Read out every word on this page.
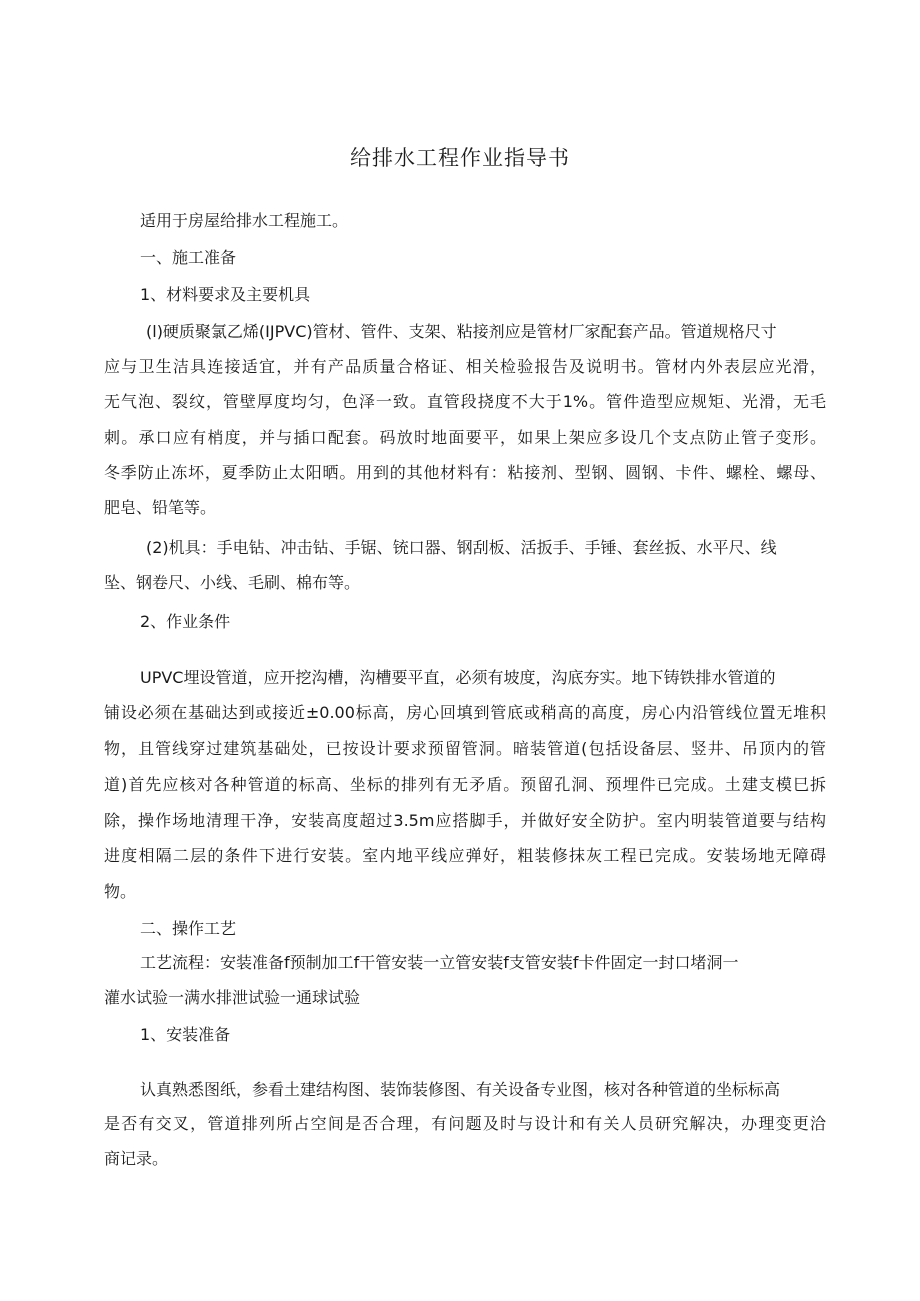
给排水工程作业指导书
适用于房屋给排水工程施工。
一、施工准备
1、材料要求及主要机具
(l)硬质聚氯乙烯(IJPVC)管材、管件、支架、粘接剂应是管材厂家配套产品。管道规格尺寸
应与卫生洁具连接适宜，并有产品质量合格证、相关检验报告及说明书。管材内外表层应光滑，
无气泡、裂纹，管壁厚度均匀，色泽一致。直管段挠度不大于1%。管件造型应规矩、光滑，无毛
刺。承口应有梢度，并与插口配套。码放时地面要平，如果上架应多设几个支点防止管子变形。
冬季防止冻坏，夏季防止太阳晒。用到的其他材料有：粘接剂、型钢、圆钢、卡件、螺栓、螺母、
肥皂、铅笔等。
(2)机具：手电钻、冲击钻、手锯、铳口器、钢刮板、活扳手、手锤、套丝扳、水平尺、线
坠、钢卷尺、小线、毛刷、棉布等。
2、作业条件
UPVC埋设管道，应开挖沟槽，沟槽要平直，必须有坡度，沟底夯实。地下铸铁排水管道的
铺设必须在基础达到或接近±0.00标高，房心回填到管底或稍高的高度，房心内沿管线位置无堆积
物，且管线穿过建筑基础处，已按设计要求预留管洞。暗装管道(包括设备层、竖井、吊顶内的管
道)首先应核对各种管道的标高、坐标的排列有无矛盾。预留孔洞、预埋件已完成。土建支模巳拆
除，操作场地清理干净，安装高度超过3.5m应搭脚手，并做好安全防护。室内明装管道要与结构
进度相隔二层的条件下进行安装。室内地平线应弹好，粗装修抹灰工程已完成。安装场地无障碍
物。
二、操作工艺
工艺流程：安装准备f预制加工f干管安装一立管安装f支管安装f卡件固定一封口堵洞一
灌水试验一满水排泄试验一通球试验
1、安装准备
认真熟悉图纸，参看土建结构图、装饰装修图、有关设备专业图，核对各种管道的坐标标高
是否有交叉，管道排列所占空间是否合理，有问题及时与设计和有关人员研究解决，办理变更洽
商记录。
